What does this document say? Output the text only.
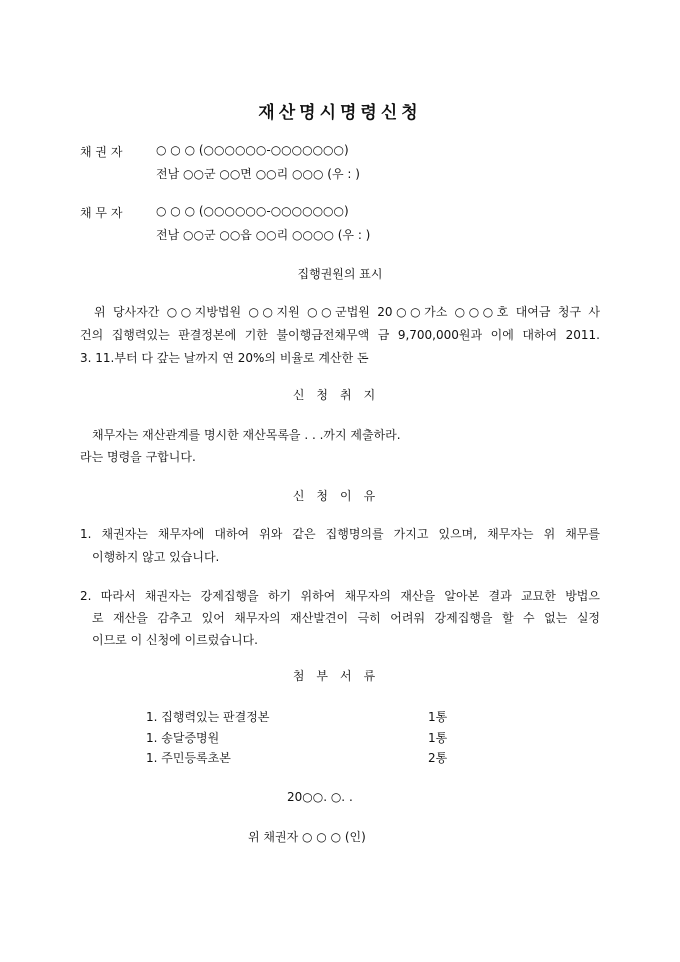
재산명시명령신청
채 권 자	○ ○ ○ (○○○○○○-○○○○○○○)
전남 ○○군 ○○면 ○○리 ○○○ (우 : )
채 무 자	○ ○ ○ (○○○○○○-○○○○○○○)
전남 ○○군 ○○읍 ○○리 ○○○○ (우 : )
집행권원의 표시
위 당사자간 ○○지방법원 ○○지원 ○○군법원 20○○가소 ○○○호 대여금 청구 사
건의 집행력있는 판결정본에 기한 불이행금전채무액 금 9,700,000원과 이에 대하여 2011.
3. 11.부터 다 갚는 날까지 연 20%의 비율로 계산한 돈
신청취지
채무자는 재산관계를 명시한 재산목록을 . . .까지 제출하라.
라는 명령을 구합니다.
신청이유
1. 채권자는 채무자에 대하여 위와 같은 집행명의를 가지고 있으며, 채무자는 위 채무를
이행하지 않고 있습니다.
2. 따라서 채권자는 강제집행을 하기 위하여 채무자의 재산을 알아본 결과 교묘한 방법으
로 재산을 감추고 있어 채무자의 재산발견이 극히 어려워 강제집행을 할 수 없는 실정
이므로 이 신청에 이르렀습니다.
첨부서류
1. 집행력있는 판결정본	1통
1. 송달증명원	1통
1. 주민등록초본	2통
20○○. ○. .
위 채권자 ○ ○ ○ (인)
